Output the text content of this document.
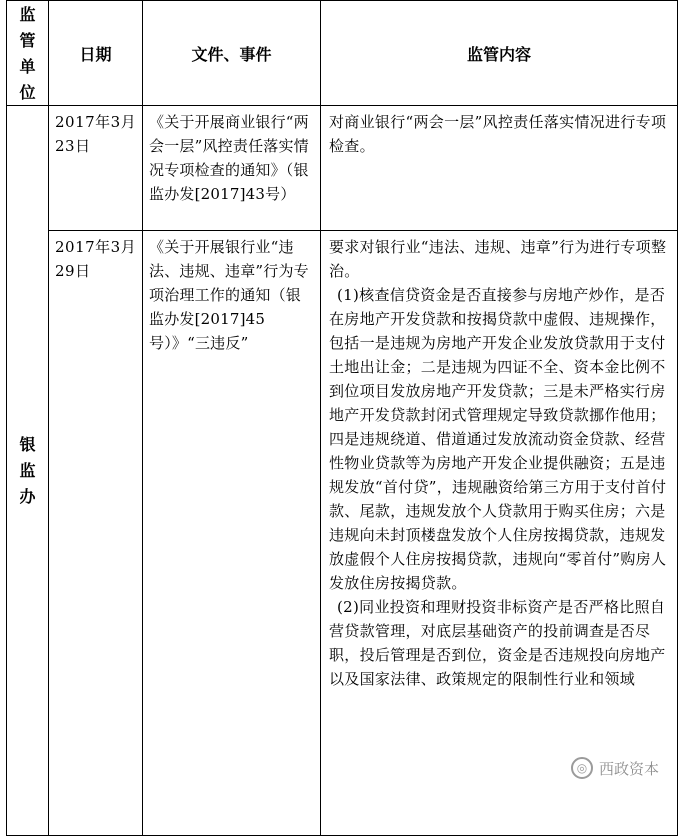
监
管
单
位	日期	文件、事件	监管内容

银
监
办	2017年3月23日	《关于开展商业银行“两会一层”风控责任落实情况专项检查的通知》（银监办发[2017]43号）	对商业银行“两会一层”风控责任落实情况进行专项检查。

	2017年3月29日	《关于开展银行业“违法、违规、违章”行为专项治理工作的通知（银监办发[2017]45号）》“三违反”	要求对银行业“违法、违规、违章”行为进行专项整治。
(1)核查信贷资金是否直接参与房地产炒作，是否在房地产开发贷款和按揭贷款中虚假、违规操作，包括一是违规为房地产开发企业发放贷款用于支付土地出让金；二是违规为四证不全、资本金比例不到位项目发放房地产开发贷款；三是未严格实行房地产开发贷款封闭式管理规定导致贷款挪作他用；四是违规绕道、借道通过发放流动资金贷款、经营性物业贷款等为房地产开发企业提供融资；五是违规发放“首付贷”，违规融资给第三方用于支付首付款、尾款，违规发放个人贷款用于购买住房；六是违规向未封顶楼盘发放个人住房按揭贷款，违规发放虚假个人住房按揭贷款，违规向“零首付”购房人发放住房按揭贷款。
(2)同业投资和理财投资非标资产是否严格比照自营贷款管理，对底层基础资产的投前调查是否尽职，投后管理是否到位，资金是否违规投向房地产以及国家法律、政策规定的限制性行业和领域
◎ 西政资本
